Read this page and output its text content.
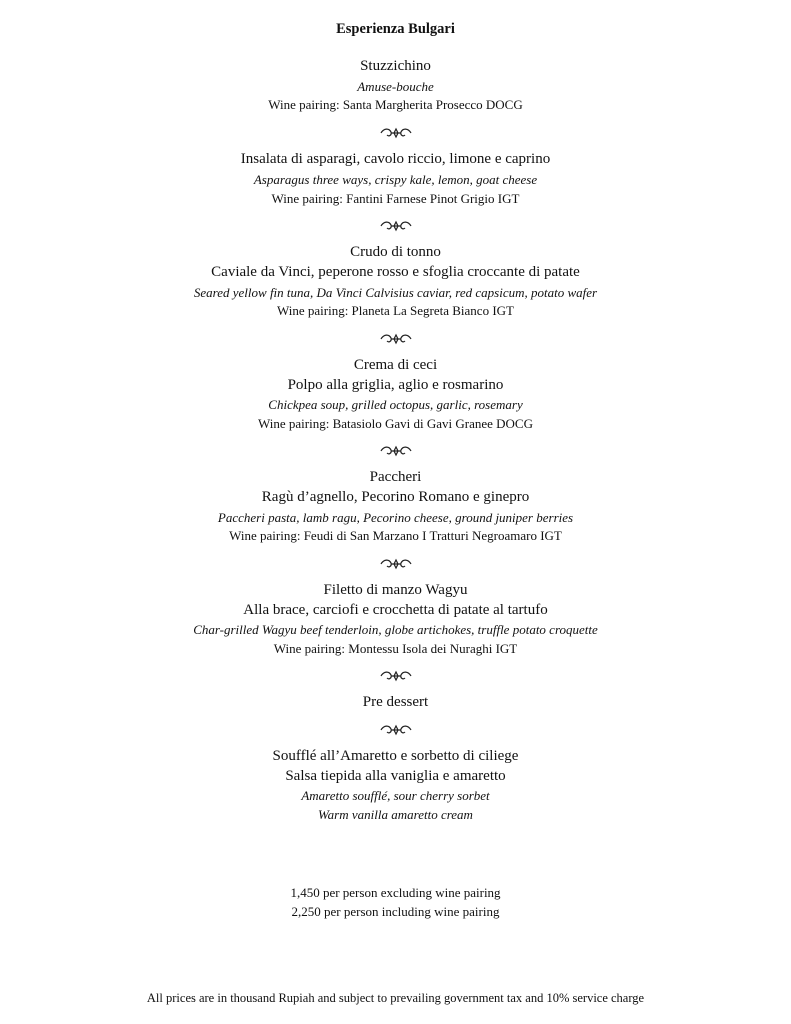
Esperienza Bulgari
Stuzzichino
Amuse-bouche
Wine pairing: Santa Margherita Prosecco DOCG
Insalata di asparagi, cavolo riccio, limone e caprino
Asparagus three ways, crispy kale, lemon, goat cheese
Wine pairing: Fantini Farnese Pinot Grigio IGT
Crudo di tonno
Caviale da Vinci, peperone rosso e sfoglia croccante di patate
Seared yellow fin tuna, Da Vinci Calvisius caviar, red capsicum, potato wafer
Wine pairing: Planeta La Segreta Bianco IGT
Crema di ceci
Polpo alla griglia, aglio e rosmarino
Chickpea soup, grilled octopus, garlic, rosemary
Wine pairing: Batasiolo Gavi di Gavi Granee DOCG
Paccheri
Ragù d’agnello, Pecorino Romano e ginepro
Paccheri pasta, lamb ragu, Pecorino cheese, ground juniper berries
Wine pairing: Feudi di San Marzano I Tratturi Negroamaro IGT
Filetto di manzo Wagyu
Alla brace, carciofi e crocchetta di patate al tartufo
Char-grilled Wagyu beef tenderloin, globe artichokes, truffle potato croquette
Wine pairing: Montessu Isola dei Nuraghi IGT
Pre dessert
Soufflé all’Amaretto e sorbetto di ciliege
Salsa tiepida alla vaniglia e amaretto
Amaretto soufflé, sour cherry sorbet
Warm vanilla amaretto cream
1,450 per person excluding wine pairing
2,250 per person including wine pairing
All prices are in thousand Rupiah and subject to prevailing government tax and 10% service charge
